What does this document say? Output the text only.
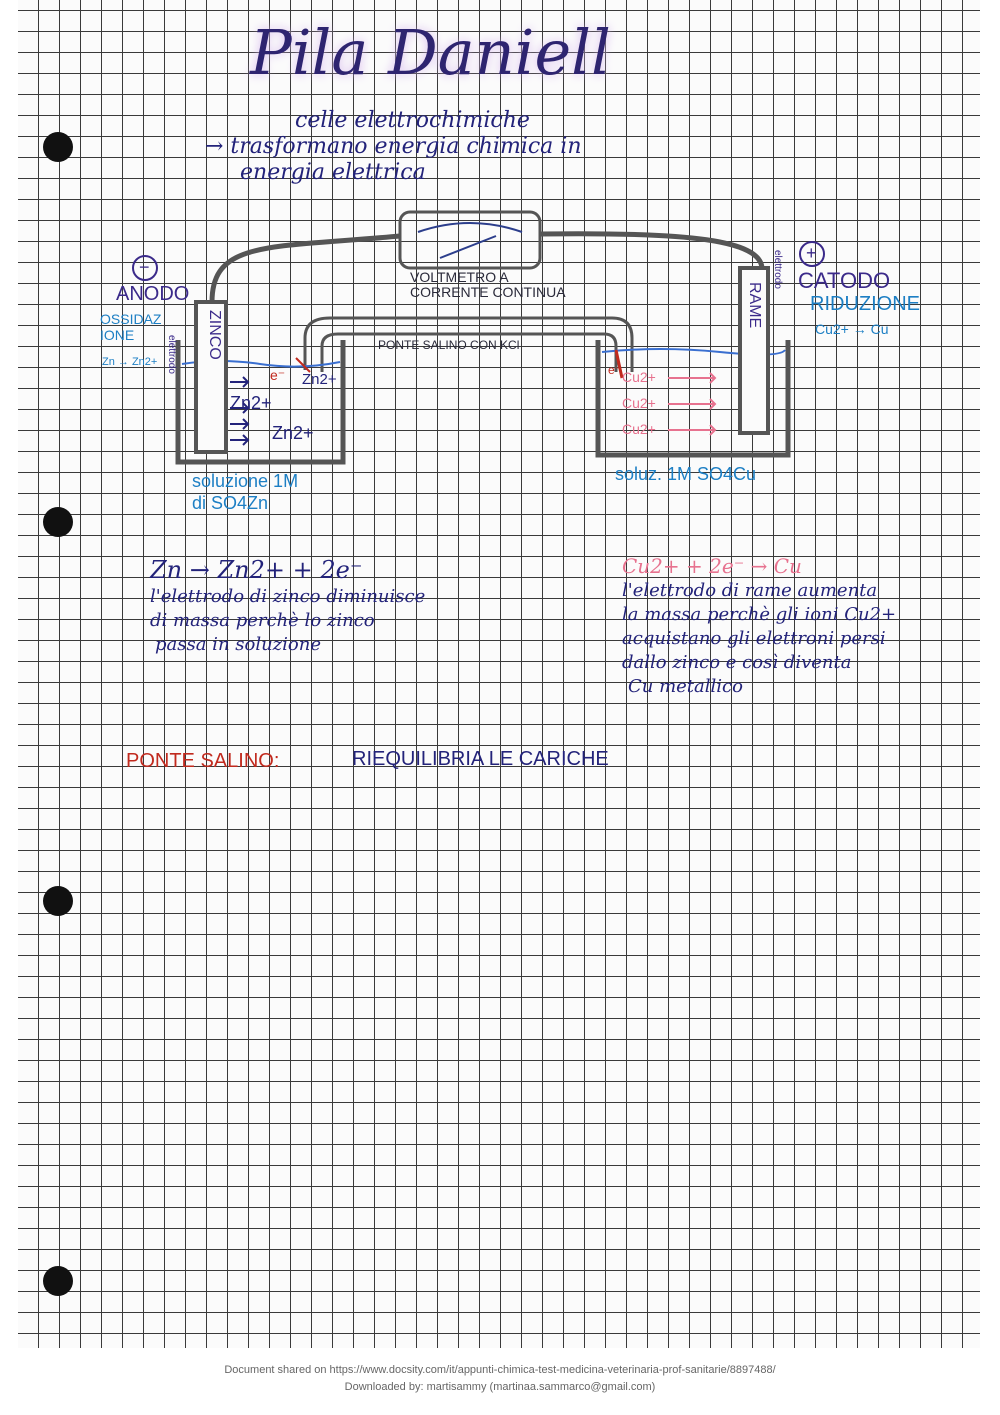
Pila Daniell
celle elettrochimiche
→ trasformano energia chimica in
energia elettrica
VOLTMETRO A
CORRENTE CONTINUA
PONTE SALINO CON KCl
−
ANODO
OSSIDAZ
IONE
Zn → Zn2+ elettrodo ZINCO
+
CATODO
RIDUZIONE
Cu2+ → Cu
elettrodo
RAME
e⁻ Zn2+
Zn2+
Zn2+
Cu2+
Cu2+
Cu2+
e⁻
soluzione 1M
di SO4Zn
soluz. 1M SO4Cu
Zn → Zn2+ + 2e⁻
l'elettrodo di zinco diminuisce
di massa perchè lo zinco
passa in soluzione
Cu2+ + 2e⁻ → Cu
l'elettrodo di rame aumenta
la massa perchè gli ioni Cu2+
acquistano gli elettroni persi
dallo zinco e così diventa
Cu metallico
PONTE SALINO:	RIEQUILIBRIA LE CARICHE
Document shared on https://www.docsity.com/it/appunti-chimica-test-medicina-veterinaria-prof-sanitarie/8897488/
Downloaded by: martisammy (martinaa.sammarco@gmail.com)
